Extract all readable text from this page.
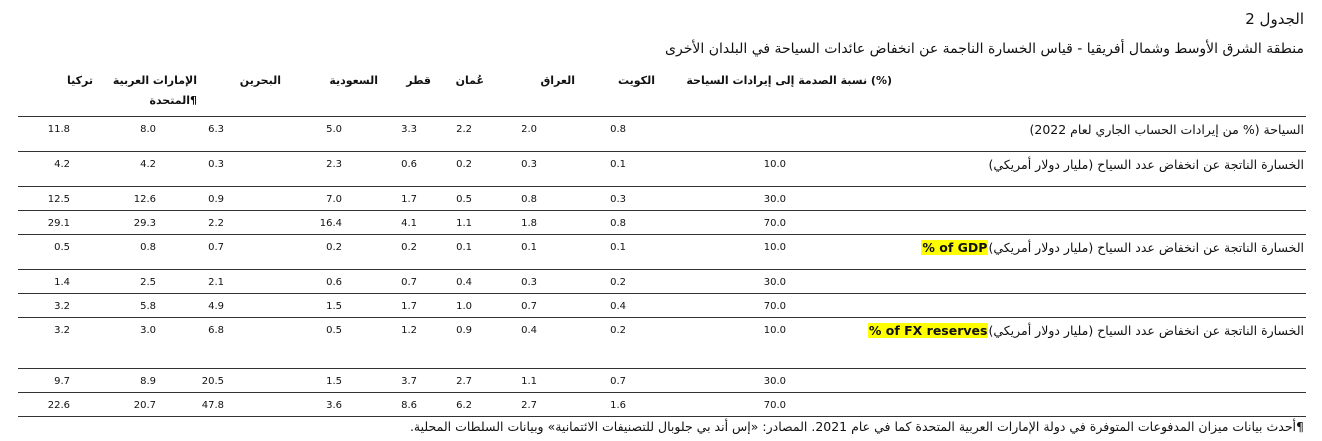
الجدول 2
منطقة الشرق الأوسط وشمال أفريقيا - قياس الخسارة الناجمة عن انخفاض عائدات السياحة في البلدان الأخرى
نسبة الصدمة إلى إيرادات السياحة (%)
الكويت
العراق
عُمان
قطر
السعودية
البحرين
الإمارات العربية
المتحدة¶
تركيا
السياحة (% من إيرادات الحساب الجاري لعام 2022)
0.8
2.0
2.2
3.3
5.0
6.3
8.0
11.8
الخسارة الناتجة عن انخفاض عدد السياح (مليار دولار أمريكي)
10.0
0.1
0.3
0.2
0.6
2.3
0.3
4.2
4.2
30.0
0.3
0.8
0.5
1.7
7.0
0.9
12.6
12.5
70.0
0.8
1.8
1.1
4.1
16.4
2.2
29.3
29.1
الخسارة الناتجة عن انخفاض عدد السياح (مليار دولار أمريكي)% of GDP
10.0
0.1
0.1
0.1
0.2
0.2
0.7
0.8
0.5
30.0
0.2
0.3
0.4
0.7
0.6
2.1
2.5
1.4
70.0
0.4
0.7
1.0
1.7
1.5
4.9
5.8
3.2
الخسارة الناتجة عن انخفاض عدد السياح (مليار دولار أمريكي)% of FX reserves
10.0
0.2
0.4
0.9
1.2
0.5
6.8
3.0
3.2
30.0
0.7
1.1
2.7
3.7
1.5
20.5
8.9
9.7
70.0
1.6
2.7
6.2
8.6
3.6
47.8
20.7
22.6
¶أحدث بيانات ميزان المدفوعات المتوفرة في دولة الإمارات العربية المتحدة كما في عام 2021. المصادر: «إس أند بي جلوبال للتصنيفات الائتمانية» وبيانات السلطات المحلية.
